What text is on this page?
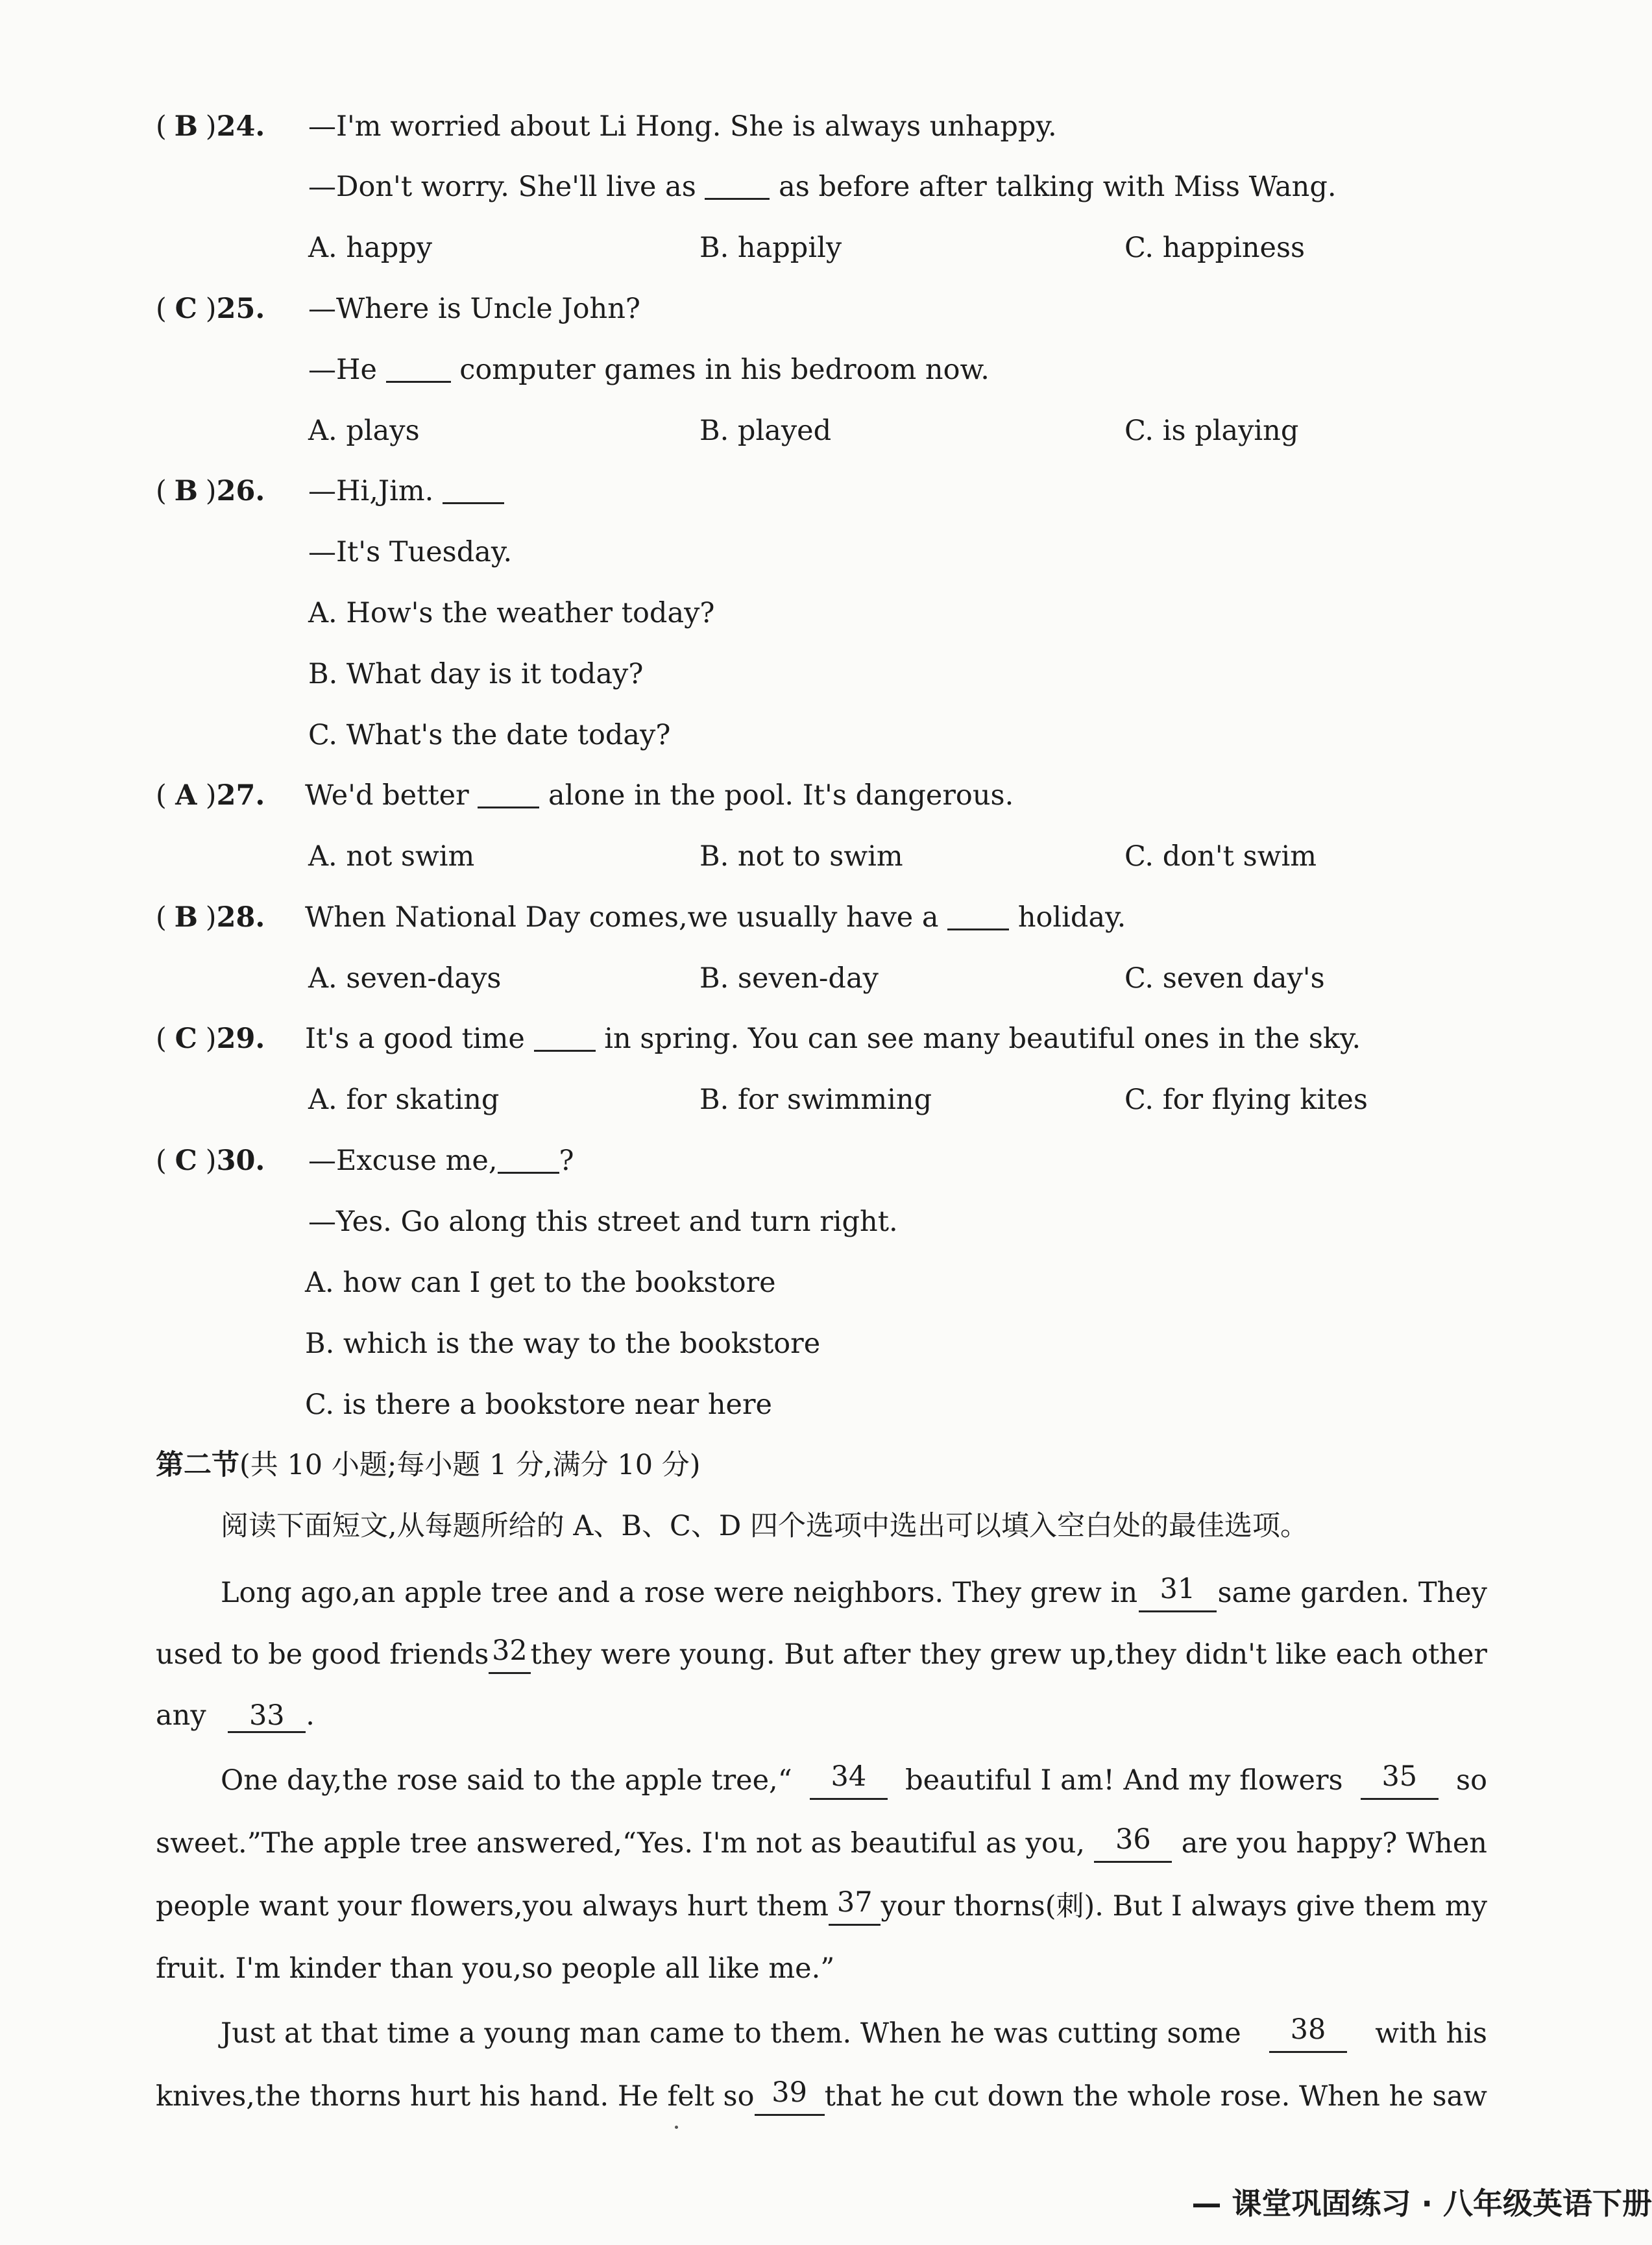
( B )24.	—I'm worried about Li Hong. She is always unhappy.
—Don't worry. She'll live as	as before after talking with Miss Wang.
A. happy	B. happily	C. happiness
( C )25.	—Where is Uncle John?
—He	computer games in his bedroom now.
A. plays	B. played	C. is playing
( B )26.	—Hi,Jim.
—It's Tuesday.
A. How's the weather today?
B. What day is it today?
C. What's the date today?
( A )27.	We'd better	alone in the pool. It's dangerous.
A. not swim	B. not to swim	C. don't swim
( B )28.	When National Day comes,we usually have a	holiday.
A. seven-days	B. seven-day	C. seven day's
( C )29.	It's a good time	in spring. You can see many beautiful ones in the sky.
A. for skating	B. for swimming	C. for flying kites
( C )30.	—Excuse me, ?
—Yes. Go along this street and turn right.
A. how can I get to the bookstore
B. which is the way to the bookstore
C. is there a bookstore near here
第二节(共 10 小题;每小题 1 分,满分 10 分)
阅读下面短文,从每题所给的 A、B、C、D 四个选项中选出可以填入空白处的最佳选项。
Long ago,an apple tree and a rose were neighbors. They grew in 31 same garden. They
used to be good friends 32 they were young. But after they grew up,they didn't like each other
any 33 .
One day,the rose said to the apple tree,“	34	beautiful I am! And my flowers	35	so
sweet.”The apple tree answered,“Yes. I'm not as beautiful as you,	36	are you happy? When
people want your flowers,you always hurt them 37 your thorns(刺). But I always give them my
fruit. I'm kinder than you,so people all like me.”
Just at that time a young man came to them. When he was cutting some	38	with his
knives,the thorns hurt his hand. He felt so 39 that he cut down the whole rose. When he saw
— 课堂巩固练习 · 八年级英语下册
